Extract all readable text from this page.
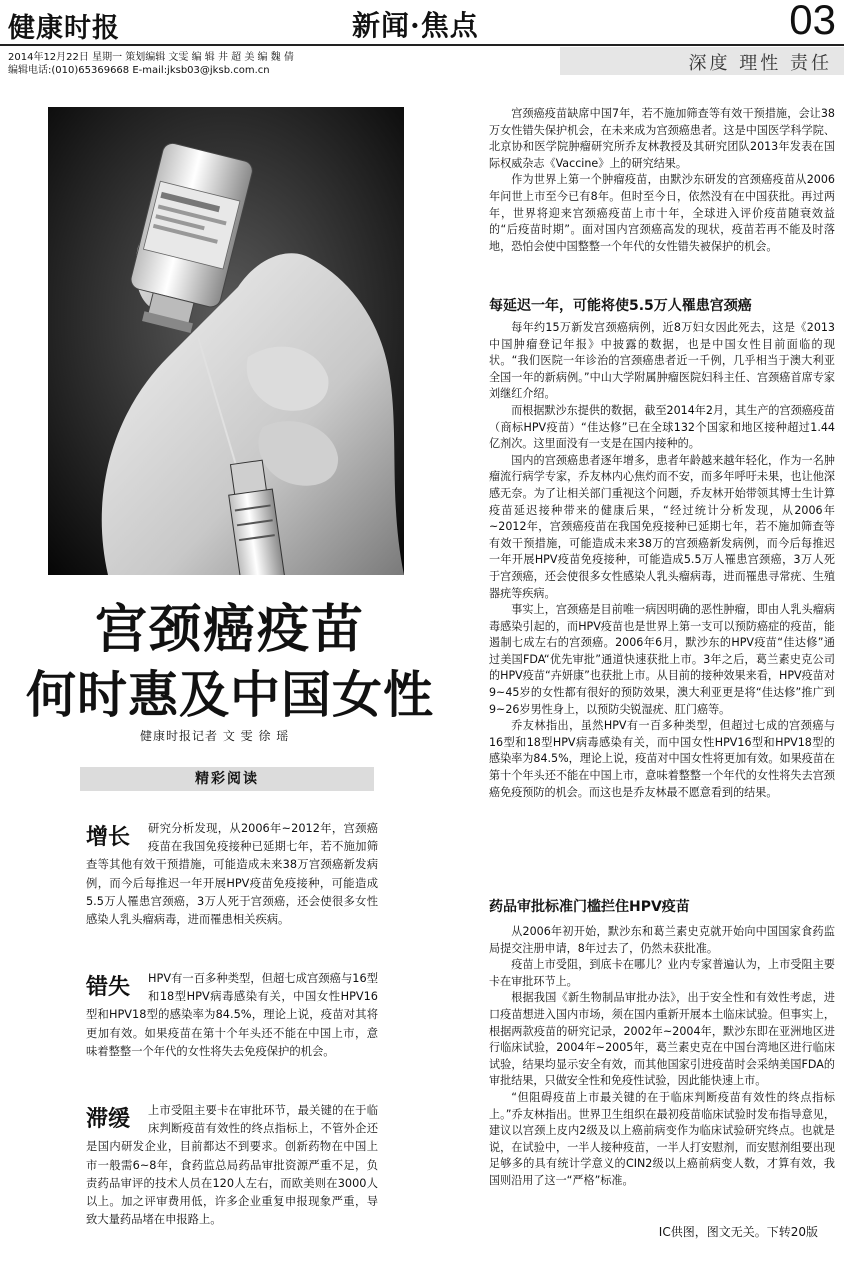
健康时报	新闻·焦点	03
2014年12月22日 星期一 策划编辑 文雯 编 辑 井 超 美 编 魏 倩
编辑电话:(010)65369668 E-mail:jksb03@jksb.com.cn	深度 理性 责任
宫颈癌疫苗
何时惠及中国女性
健康时报记者 文 雯 徐 瑶
精彩阅读
增长 研究分析发现，从2006年~2012年，宫颈癌疫苗在我国免疫接种已延期七年，若不施加筛查等其他有效干预措施，可能造成未来38万宫颈癌新发病例，而今后每推迟一年开展HPV疫苗免疫接种，可能造成5.5万人罹患宫颈癌，3万人死于宫颈癌，还会使很多女性感染人乳头瘤病毒，进而罹患相关疾病。
错失 HPV有一百多种类型，但超七成宫颈癌与16型和18型HPV病毒感染有关，中国女性HPV16型和HPV18型的感染率为84.5%，理论上说，疫苗对其将更加有效。如果疫苗在第十个年头还不能在中国上市，意味着整整一个年代的女性将失去免疫保护的机会。
滞缓 上市受阻主要卡在审批环节，最关键的在于临床判断疫苗有效性的终点指标上，不管外企还是国内研发企业，目前都达不到要求。创新药物在中国上市一般需6~8年，食药监总局药品审批资源严重不足，负责药品审评的技术人员在120人左右，而欧美则在3000人以上。加之评审费用低，许多企业重复申报现象严重，导致大量药品堵在申报路上。

宫颈癌疫苗缺席中国7年，若不施加筛查等有效干预措施，会让38万女性错失保护机会，在未来成为宫颈癌患者。这是中国医学科学院、北京协和医学院肿瘤研究所乔友林教授及其研究团队2013年发表在国际权威杂志《Vaccine》上的研究结果。

作为世界上第一个肿瘤疫苗，由默沙东研发的宫颈癌疫苗从2006年问世上市至今已有8年。但时至今日，依然没有在中国获批。再过两年，世界将迎来宫颈癌疫苗上市十年，全球进入评价疫苗随衰效益的“后疫苗时期”。面对国内宫颈癌高发的现状，疫苗若再不能及时落地，恐怕会使中国整整一个年代的女性错失被保护的机会。

每延迟一年，可能将使5.5万人罹患宫颈癌

每年约15万新发宫颈癌病例，近8万妇女因此死去，这是《2013中国肿瘤登记年报》中披露的数据，也是中国女性目前面临的现状。“我们医院一年诊治的宫颈癌患者近一千例，几乎相当于澳大利亚全国一年的新病例。”中山大学附属肿瘤医院妇科主任、宫颈癌首席专家刘继红介绍。

而根据默沙东提供的数据，截至2014年2月，其生产的宫颈癌疫苗（商标HPV疫苗）“佳达修”已在全球132个国家和地区接种超过1.44亿剂次。这里面没有一支是在国内接种的。

国内的宫颈癌患者逐年增多，患者年龄越来越年轻化，作为一名肿瘤流行病学专家，乔友林内心焦灼而不安，而多年呼吁未果，也让他深感无奈。为了让相关部门重视这个问题，乔友林开始带领其博士生计算疫苗延迟接种带来的健康后果，“经过统计分析发现，从2006年~2012年，宫颈癌疫苗在我国免疫接种已延期七年，若不施加筛查等有效干预措施，可能造成未来38万的宫颈癌新发病例，而今后每推迟一年开展HPV疫苗免疫接种，可能造成5.5万人罹患宫颈癌，3万人死于宫颈癌，还会使很多女性感染人乳头瘤病毒，进而罹患寻常疣、生殖器疣等疾病。

事实上，宫颈癌是目前唯一病因明确的恶性肿瘤，即由人乳头瘤病毒感染引起的，而HPV疫苗也是世界上第一支可以预防癌症的疫苗，能遏制七成左右的宫颈癌。2006年6月，默沙东的HPV疫苗“佳达修”通过美国FDA“优先审批”通道快速获批上市。3年之后，葛兰素史克公司的HPV疫苗“卉妍康”也获批上市。从目前的接种效果来看，HPV疫苗对9~45岁的女性都有很好的预防效果，澳大利亚更是将“佳达修”推广到9~26岁男性身上，以预防尖锐湿疣、肛门癌等。

乔友林指出，虽然HPV有一百多种类型，但超过七成的宫颈癌与16型和18型HPV病毒感染有关，而中国女性HPV16型和HPV18型的感染率为84.5%，理论上说，疫苗对中国女性将更加有效。如果疫苗在第十个年头还不能在中国上市，意味着整整一个年代的女性将失去宫颈癌免疫预防的机会。而这也是乔友林最不愿意看到的结果。

药品审批标准门槛拦住HPV疫苗

从2006年初开始，默沙东和葛兰素史克就开始向中国国家食药监局提交注册申请，8年过去了，仍然未获批准。

疫苗上市受阻，到底卡在哪儿？业内专家普遍认为，上市受阻主要卡在审批环节上。

根据我国《新生物制品审批办法》，出于安全性和有效性考虑，进口疫苗想进入国内市场，须在国内重新开展本土临床试验。但事实上，根据两款疫苗的研究记录，2002年~2004年，默沙东即在亚洲地区进行临床试验，2004年~2005年，葛兰素史克在中国台湾地区进行临床试验，结果均显示安全有效，而其他国家引进疫苗时会采纳美国FDA的审批结果，只做安全性和免疫性试验，因此能快速上市。

“但阻碍疫苗上市最关键的在于临床判断疫苗有效性的终点指标上。”乔友林指出。世界卫生组织在最初疫苗临床试验时发布指导意见，建议以宫颈上皮内2级及以上癌前病变作为临床试验研究终点。也就是说，在试验中，一半人接种疫苗，一半人打安慰剂，而安慰剂组要出现足够多的具有统计学意义的CIN2级以上癌前病变人数，才算有效，我国则沿用了这一“严格”标准。

IC供图，图文无关。下转20版
